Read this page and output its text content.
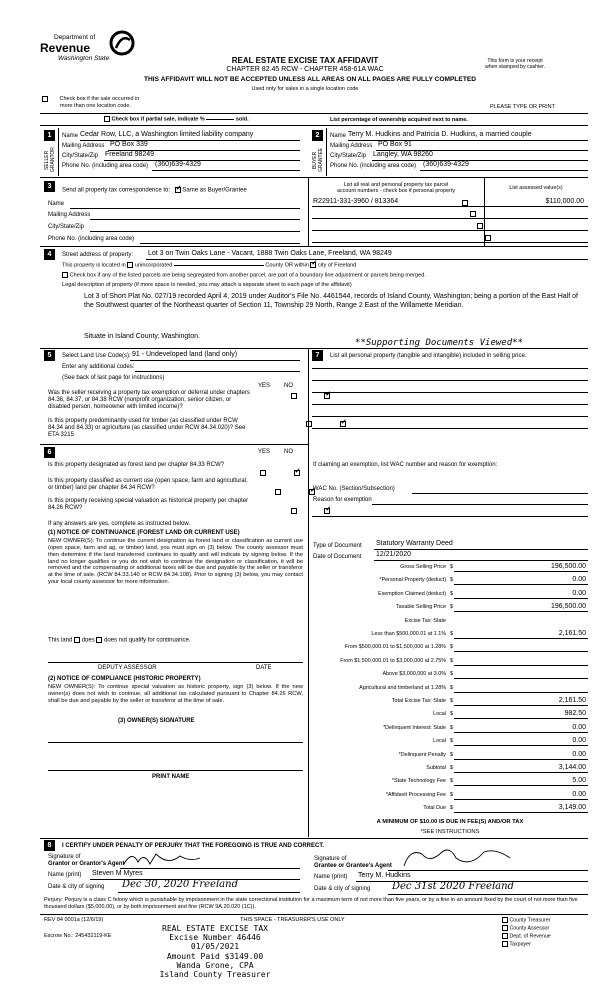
Department of
Revenue
Washington State	REAL ESTATE EXCISE TAX AFFIDAVIT
CHAPTER 82.45 RCW - CHAPTER 458-61A WAC
THIS AFFIDAVIT WILL NOT BE ACCEPTED UNLESS ALL AREAS ON ALL PAGES ARE FULLY COMPLETED
Used only for sales in a single location code
This form is your receipt
when stamped by cashier.
Check box if the sale occurred in
more than one location code.	PLEASE TYPE OR PRINT
Check box if partial sale, indicate %	sold.	List percentage of ownership acquired next to name.
1
SELLER GRANTOR
Name Cedar Row, LLC, a Washington limited liability company
Mailing Address PO Box 339
City/State/Zip Freeland 98249
Phone No. (including area code) (360)639-4329
2
BUYER GRANTEE
Name Terry M. Hudkins and Patricia D. Hudkins, a married couple
Mailing Address PO Box 91
City/State/Zip Langley, WA 98260
Phone No. (including area code) (360)639-4329
3
Send all property tax correspondence to: ✓ Same as Buyer/Grantee
Name
Mailing Address
City/State/Zip
Phone No. (including area code)
List all real and personal property tax parcel
account numbers - check box if personal property
List assessed value(s)
R22911-331-3960 / 813364
	$110,000.00

4	Street address of property: Lot 3 on Twin Oaks Lane - Vacant, 1888 Twin Oaks Lane, Freeland, WA 98249
This property is located in unincorporated	County OR within ✓ city of Freeland
Check box if any of the listed parcels are being segregated from another parcel, are part of a boundary line adjustment or parcels being merged.
Legal description of property (if more space is needed, you may attach a separate sheet to each page of the affidavit)
Lot 3 of Short Plat No. 027/19 recorded April 4, 2019 under Auditor's File No. 4461544, records of Island County, Washington; being a portion of the East Half of the Southwest quarter of the Northeast quarter of Section 11, Township 29 North, Range 2 East of the Willamette Meridian.
Situate in Island County, Washington.
**Supporting Documents Viewed**
5	Select Land Use Code(s): 91 - Undeveloped land (land only)
Enter any additional codes:
(See back of last page for instructions)
YES NO
Was the seller receiving a property tax exemption or deferral under chapters 84.36, 84.37, or 84.38 RCW (nonprofit organization, senior citizen, or disabled person, homeowner with limited income)?
✓
Is this property predominantly used for timber (as classified under RCW 84.34 and 84.33) or agriculture (as classified under RCW 84.34.020)? See ETA 3215
✓
7	List all personal property (tangible and intangible) included in selling price.
If claiming an exemption, list WAC number and reason for exemption:
WAC No. (Section/Subsection)
Reason for exemption
Type of Document Statutory Warranty Deed
Date of Document 12/21/2020
Gross Selling Price $	196,500.00
*Personal Property (deduct) $	0.00
Exemption Claimed (deduct) $	0.00
Taxable Selling Price $	196,500.00
Excise Tax: State
Less than $500,000.01 at 1.1% $	2,161.50
From $500,000.01 to $1,500,000 at 1.28% $
From $1,500,000.01 to $3,000,000 at 2.75% $
Above $3,000,000 at 3.0% $
Agricultural and timberland at 1.28% $
Total Excise Tax: State $	2,161.50
Local $	982.50
*Delinquent Interest: State $	0.00
Local $	0.00
*Delinquent Penalty $	0.00
Subtotal $	3,144.00
*State Technology Fee $	5.00
*Affidavit Processing Fee $	0.00
Total Due $	3,149.00
A MINIMUM OF $10.00 IS DUE IN FEE(S) AND/OR TAX
*SEE INSTRUCTIONS
6	YES NO
Is this property designated as forest land per chapter 84.33 RCW?
✓
Is this property classified as current use (open space, farm and agricultural, or timber) land per chapter 84.34 RCW?
✓
Is this property receiving special valuation as historical property per chapter 84.26 RCW?
✓
If any answers are yes, complete as instructed below.
(1) NOTICE OF CONTINUANCE (FOREST LAND OR CURRENT USE)
NEW OWNER(S): To continue the current designation as forest land or classification as current use (open space, farm and ag, or timber) land, you must sign on (3) below. The county assessor must then determine if the land transferred continues to qualify and will indicate by signing below. If the land no longer qualifies or you do not wish to continue the designation or classification, it will be removed and the compensating or additional taxes will be due and payable by the seller or transferor at the time of sale. (RCW 84.33.140 or RCW 84.34.108). Prior to signing (3) below, you may contact your local county assessor for more information.
This land does does not qualify for continuance.
DEPUTY ASSESSOR	DATE
(2) NOTICE OF COMPLIANCE (HISTORIC PROPERTY)
NEW OWNER(S): To continue special valuation as historic property, sign (3) below. If the new owner(s) does not wish to continue, all additional tax calculated pursuant to Chapter 84.26 RCW, shall be due and payable by the seller or transferor at the time of sale.
(3) OWNER(S) SIGNATURE
PRINT NAME
8	I CERTIFY UNDER PENALTY OF PERJURY THAT THE FOREGOING IS TRUE AND CORRECT.
Signature of
Grantor or Grantor's Agent
Name (print) Steven M Myres
Date & city of signing Dec 30, 2020 Freeland
Signature of
Grantee or Grantee's Agent
Name (print) Terry M. Hudkins
Date & city of signing Dec 31st 2020 Freeland
Perjury: Perjury is a class C felony which is punishable by imprisonment in the state correctional institution for a maximum term of not more than five years, or by a fine in an amount fixed by the court of not more than five thousand dollars ($5,000.00), or by both imprisonment and fine (RCW 9A.20.020 (1C)).
REV 84 0001a (12/6/19)	THIS SPACE - TREASURER'S USE ONLY
Escrow No.: 245432119-KE
County Treasurer
County Assessor
Dept. of Revenue
Taxpayer
REAL ESTATE EXCISE TAX
Excise Number 46446
01/05/2021
Amount Paid $3149.00
Wanda Grone, CPA
Island County Treasurer
